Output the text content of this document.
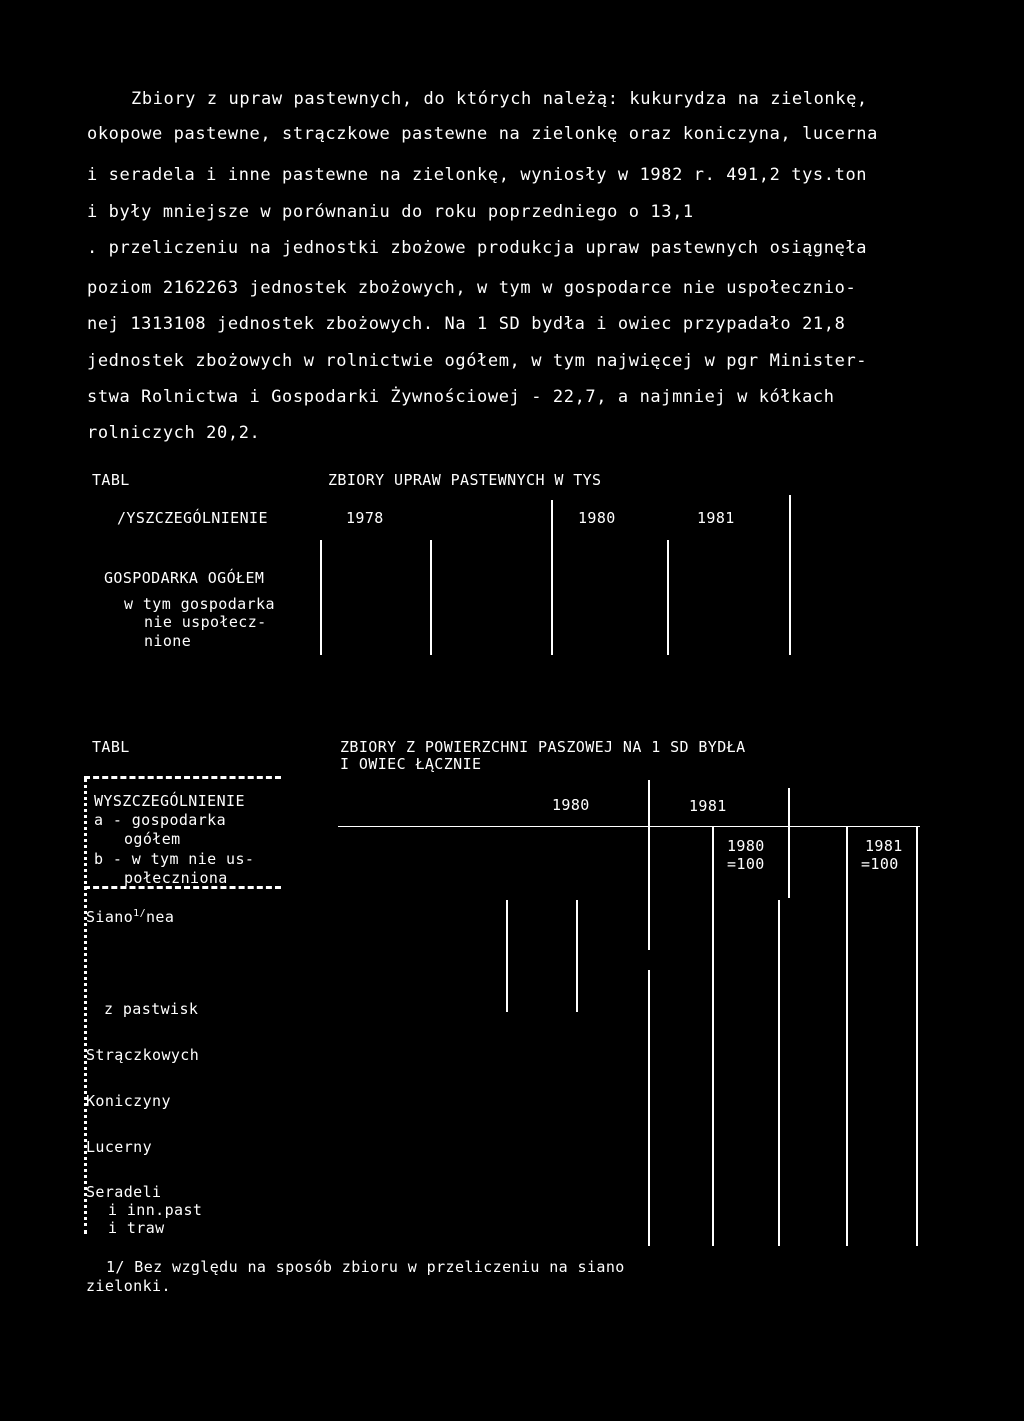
Zbiory z upraw pastewnych, do których należą: kukurydza na zielonkę,
okopowe pastewne, strączkowe pastewne na zielonkę oraz koniczyna, lucerna
i seradela i inne pastewne na zielonkę, wyniosły w 1982 r. 491,2 tys.ton
i były mniejsze w porównaniu do roku poprzedniego o 13,1
. przeliczeniu na jednostki zbożowe produkcja upraw pastewnych osiągnęła
poziom 2162263 jednostek zbożowych, w tym w gospodarce nie uspołecznio-
nej 1313108 jednostek zbożowych. Na 1 SD bydła i owiec przypadało 21,8
jednostek zbożowych w rolnictwie ogółem, w tym najwięcej w pgr Minister-
stwa Rolnictwa i Gospodarki Żywnościowej - 22,7, a najmniej w kółkach
rolniczych 20,2.
TABL	ZBIORY UPRAW PASTEWNYCH W TYS
/YSZCZEGÓLNIENIE	1978	1980	1981
GOSPODARKA OGÓŁEM
w tym gospodarka
nie uspołecz-
nione
TABL	ZBIORY Z POWIERZCHNI PASZOWEJ NA 1 SD BYDŁA
I OWIEC ŁĄCZNIE
WYSZCZEGÓLNIENIE
a - gospodarka
ogółem
b - w tym nie us-
połecznionа
1980	1981
1980
=100
1981
=100
Siano$^{1/}$nea
z pastwisk
Strączkowych
Koniczyny
Lucerny
Seradeli
i inn.past
i traw
1/ Bez względu na sposób zbioru w przeliczeniu na siano
zielonki.
